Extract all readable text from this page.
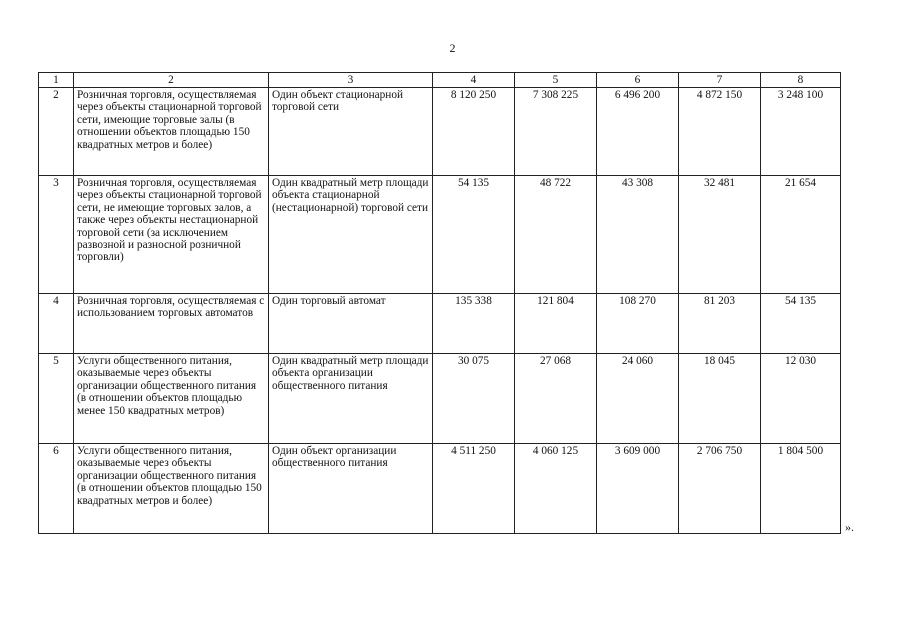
2
1	2	3	4	5	6	7	8
2	Розничная торговля, осуществляемая через объекты стационарной торговой сети, имеющие торговые залы (в отношении объектов площадью 150 квадратных метров и более)	Один объект стационарной торговой сети	8 120 250	7 308 225	6 496 200	4 872 150	3 248 100
3	Розничная торговля, осуществляемая через объекты стационарной торговой сети, не имеющие торговых залов, а также через объекты нестационарной торговой сети (за исключением развозной и разносной розничной торговли)	Один квадратный метр площади объекта стационарной (нестационарной) торговой сети	54 135	48 722	43 308	32 481	21 654
4	Розничная торговля, осуществляемая с использованием торговых автоматов	Один торговый автомат	135 338	121 804	108 270	81 203	54 135
5	Услуги общественного питания, оказываемые через объекты организации общественного питания (в отношении объектов площадью менее 150 квадратных метров)	Один квадратный метр площади объекта организации общественного питания	30 075	27 068	24 060	18 045	12 030
6	Услуги общественного питания, оказываемые через объекты организации общественного питания (в отношении объектов площадью 150 квадратных метров и более)	Один объект организации общественного питания	4 511 250	4 060 125	3 609 000	2 706 750	1 804 500
».
